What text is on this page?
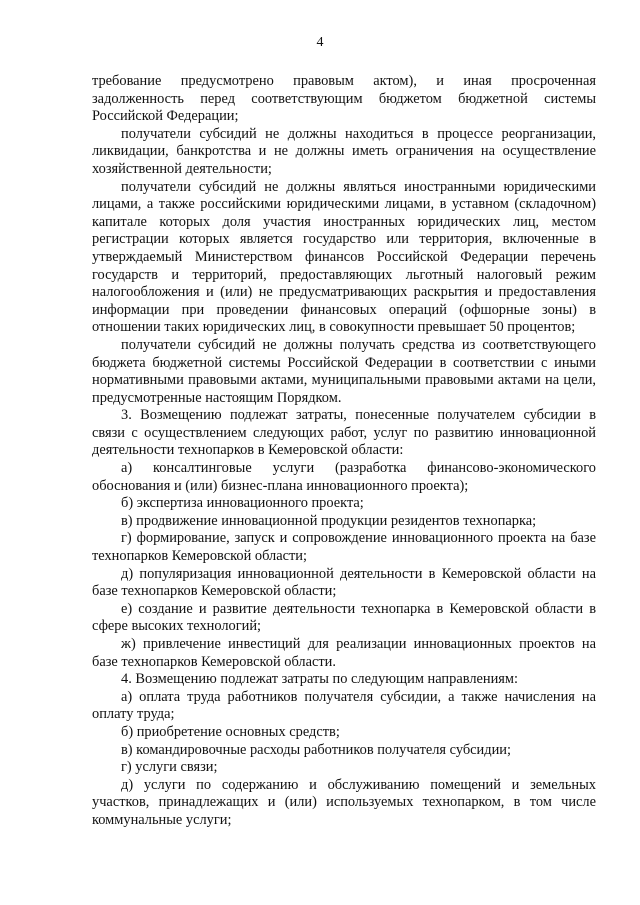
4

требование предусмотрено правовым актом), и иная просроченная задолженность перед соответствующим бюджетом бюджетной системы Российской Федерации;

получатели субсидий не должны находиться в процессе реорганизации, ликвидации, банкротства и не должны иметь ограничения на осуществление хозяйственной деятельности;

получатели субсидий не должны являться иностранными юридическими лицами, а также российскими юридическими лицами, в уставном (складочном) капитале которых доля участия иностранных юридических лиц, местом регистрации которых является государство или территория, включенные в утверждаемый Министерством финансов Российской Федерации перечень государств и территорий, предоставляющих льготный налоговый режим налогообложения и (или) не предусматривающих раскрытия и предоставления информации при проведении финансовых операций (офшорные зоны) в отношении таких юридических лиц, в совокупности превышает 50 процентов;

получатели субсидий не должны получать средства из соответствующего бюджета бюджетной системы Российской Федерации в соответствии с иными нормативными правовыми актами, муниципальными правовыми актами на цели, предусмотренные настоящим Порядком.

3. Возмещению подлежат затраты, понесенные получателем субсидии в связи с осуществлением следующих работ, услуг по развитию инновационной деятельности технопарков в Кемеровской области:

а) консалтинговые услуги (разработка финансово-экономического обоснования и (или) бизнес-плана инновационного проекта);

б) экспертиза инновационного проекта;

в) продвижение инновационной продукции резидентов технопарка;

г) формирование, запуск и сопровождение инновационного проекта на базе технопарков Кемеровской области;

д) популяризация инновационной деятельности в Кемеровской области на базе технопарков Кемеровской области;

е) создание и развитие деятельности технопарка в Кемеровской области в сфере высоких технологий;

ж) привлечение инвестиций для реализации инновационных проектов на базе технопарков Кемеровской области.

4. Возмещению подлежат затраты по следующим направлениям:

а) оплата труда работников получателя субсидии, а также начисления на оплату труда;

б) приобретение основных средств;

в) командировочные расходы работников получателя субсидии;

г) услуги связи;

д) услуги по содержанию и обслуживанию помещений и земельных участков, принадлежащих и (или) используемых технопарком, в том числе коммунальные услуги;
